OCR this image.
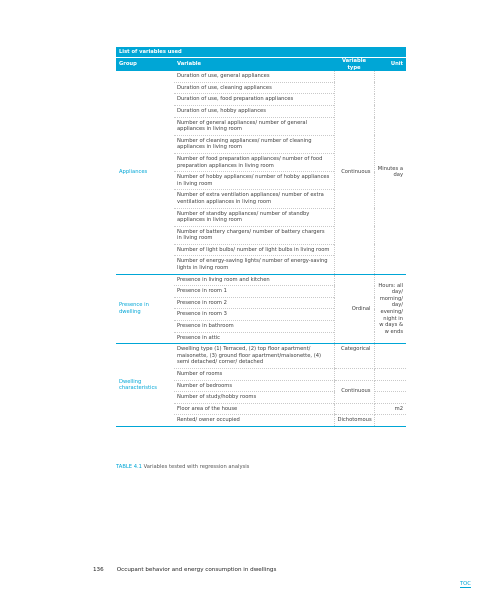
List of variables used			
Group	Variable	Variable type	Unit
Appliances	Duration of use, general appliances	Continuous	Minutes a day
	Duration of use, cleaning appliances		
	Duration of use, food preparation appliances		
	Duration of use, hobby appliances		
	Number of general appliances/ number of general appliances in living room		
	Number of cleaning appliances/ number of cleaning appliances in living room		
	Number of food preparation appliances/ number of food preparation appliances in living room		
	Number of hobby appliances/ number of hobby appliances in living room		
	Number of extra ventilation appliances/ number of extra ventilation appliances in living room		
	Number of standby appliances/ number of standby appliances in living room		
	Number of battery chargers/ number of battery chargers in living room		
	Number of light bulbs/ number of light bulbs in living room		
	Number of energy-saving lights/ number of energy-saving lights in living room		
Presence in dwelling	Presence in living room and kitchen	Ordinal	Hours: all day/ morning/ day/ evening/ night in w days & w ends
	Presence in room 1		
	Presence in room 2		
	Presence in room 3		
	Presence in bathroom		
	Presence in attic		
Dwelling characteristics	Dwelling type (1) Terraced, (2) top floor apartment/ maisonette, (3) ground floor apartment/maisonette, (4) semi detached/ corner/ detached	Categorical	
	Number of rooms		
	Number of bedrooms	Continuous	
	Number of study/hobby rooms		
	Floor area of the house		m2
	Rented/ owner occupied	Dichotomous	
TABLE 4.1 Variables tested with regression analysis
136 Occupant behavior and energy consumption in dwellings
TOC
